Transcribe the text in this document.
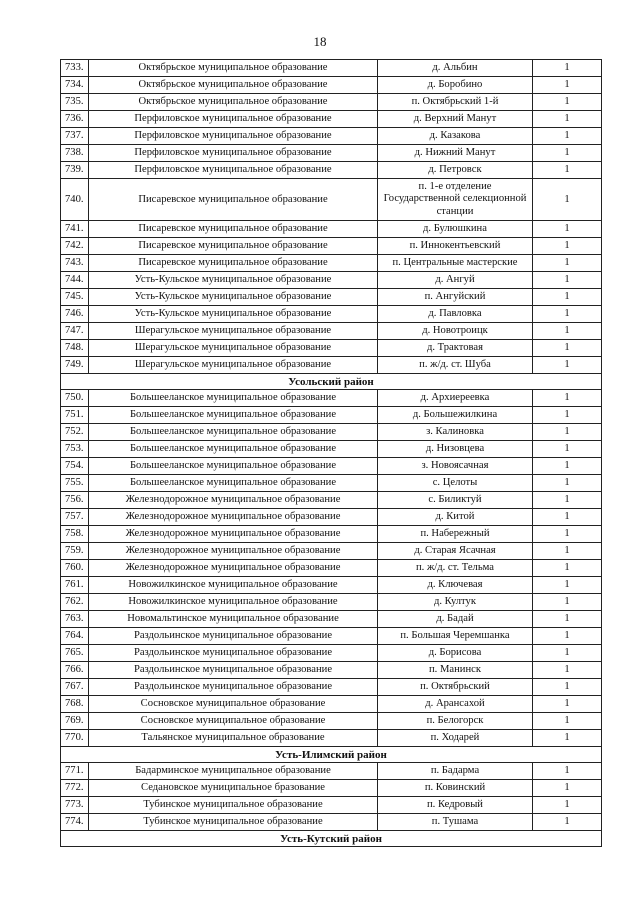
18
733.	Октябрьское муниципальное образование	д. Альбин	1
734.	Октябрьское муниципальное образование	д. Боробино	1
735.	Октябрьское муниципальное образование	п. Октябрьский 1-й	1
736.	Перфиловское муниципальное образование	д. Верхний Манут	1
737.	Перфиловское муниципальное образование	д. Казакова	1
738.	Перфиловское муниципальное образование	д. Нижний Манут	1
739.	Перфиловское муниципальное образование	д. Петровск	1
740.	Писаревское муниципальное образование	п. 1-е отделение Государственной селекционной станции	1
741.	Писаревское муниципальное образование	д. Булюшкина	1
742.	Писаревское муниципальное образование	п. Иннокентьевский	1
743.	Писаревское муниципальное образование	п. Центральные мастерские	1
744.	Усть-Кульское муниципальное образование	д. Ангуй	1
745.	Усть-Кульское муниципальное образование	п. Ангуйский	1
746.	Усть-Кульское муниципальное образование	д. Павловка	1
747.	Шерагульское муниципальное образование	д. Новотроицк	1
748.	Шерагульское муниципальное образование	д. Трактовая	1
749.	Шерагульское муниципальное образование	п. ж/д. ст. Шуба	1
Усольский район			
750.	Большееланское муниципальное образование	д. Архиереевка	1
751.	Большееланское муниципальное образование	д. Большежилкина	1
752.	Большееланское муниципальное образование	з. Калиновка	1
753.	Большееланское муниципальное образование	д. Низовцева	1
754.	Большееланское муниципальное образование	з. Новоясачная	1
755.	Большееланское муниципальное образование	с. Целоты	1
756.	Железнодорожное муниципальное образование	с. Биликтуй	1
757.	Железнодорожное муниципальное образование	д. Китой	1
758.	Железнодорожное муниципальное образование	п. Набережный	1
759.	Железнодорожное муниципальное образование	д. Старая Ясачная	1
760.	Железнодорожное муниципальное образование	п. ж/д. ст. Тельма	1
761.	Новожилкинское муниципальное образование	д. Ключевая	1
762.	Новожилкинское муниципальное образование	д. Култук	1
763.	Новомальтинское муниципальное образование	д. Бадай	1
764.	Раздольинское муниципальное образование	п. Большая Черемшанка	1
765.	Раздольинское муниципальное образование	д. Борисова	1
766.	Раздольинское муниципальное образование	п. Манинск	1
767.	Раздольинское муниципальное образование	п. Октябрьский	1
768.	Сосновское муниципальное образование	д. Арансахой	1
769.	Сосновское муниципальное образование	п. Белогорск	1
770.	Тальянское муниципальное образование	п. Ходарей	1
Усть-Илимский район			
771.	Бадарминское муниципальное образование	п. Бадарма	1
772.	Седановское муниципальное бразование	п. Ковинский	1
773.	Тубинское муниципальное образование	п. Кедровый	1
774.	Тубинское муниципальное образование	п. Тушама	1
Усть-Кутский район			
